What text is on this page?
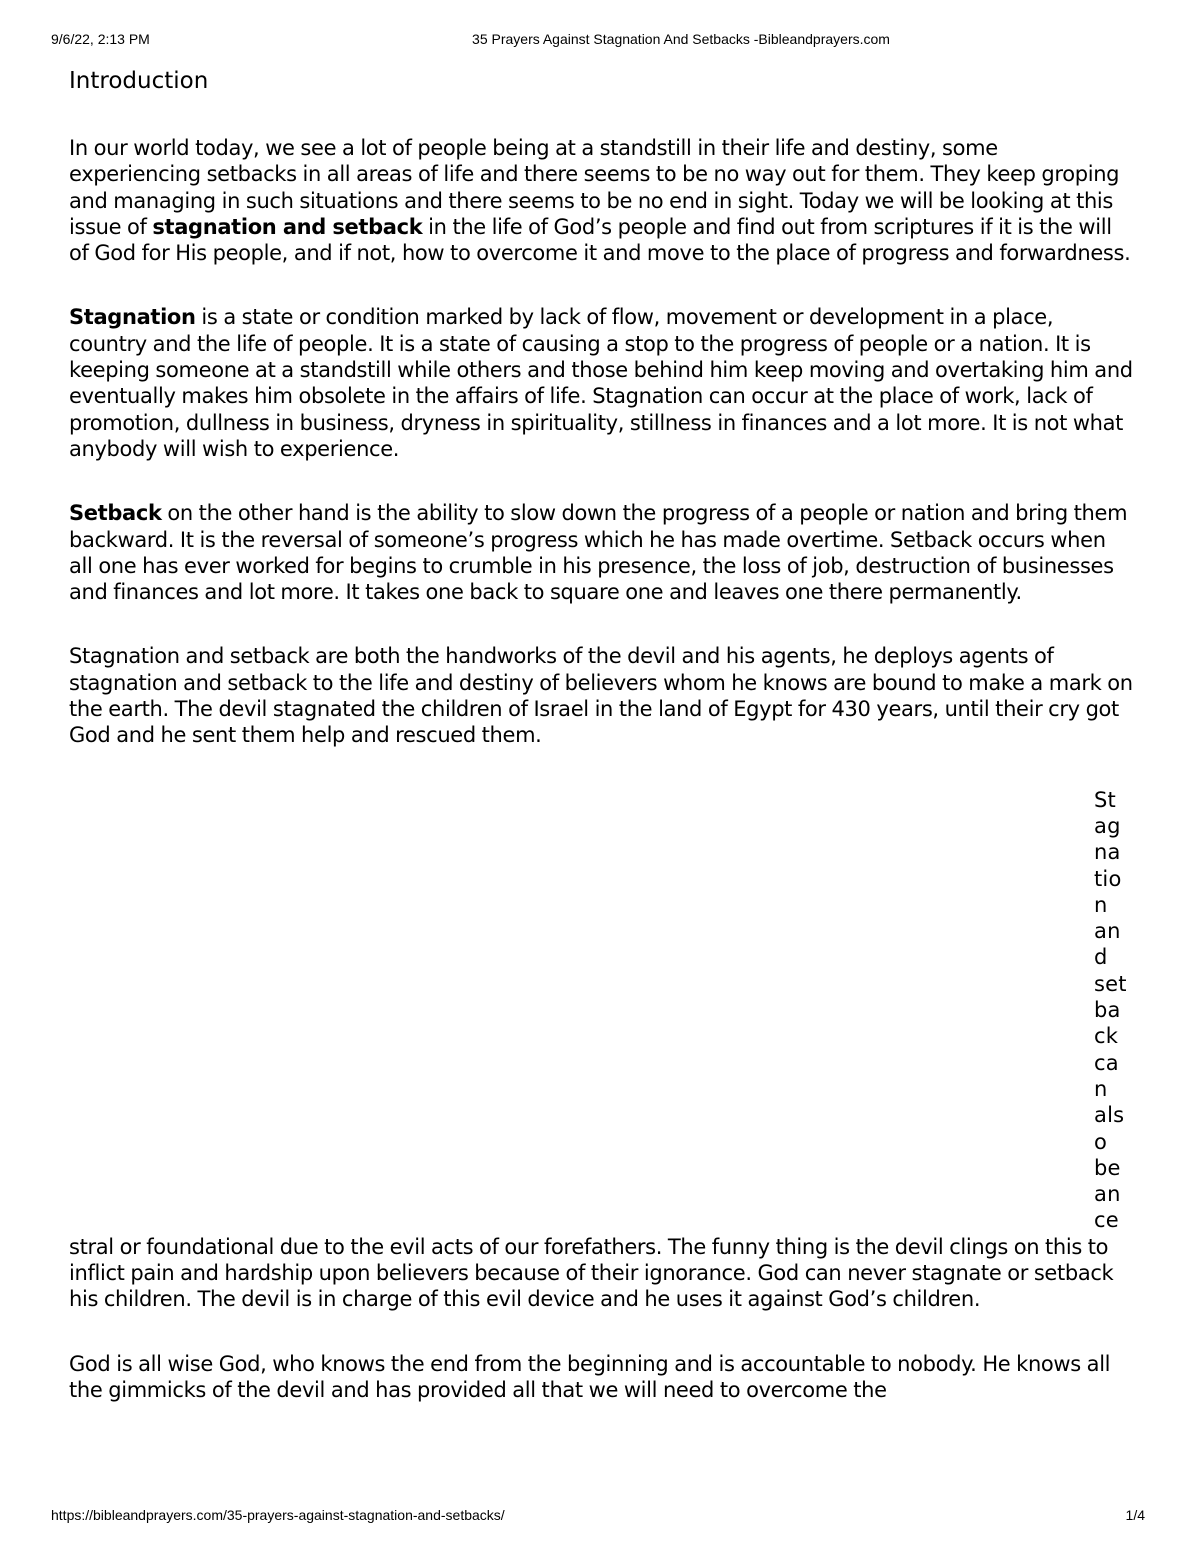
9/6/22, 2:13 PM	35 Prayers Against Stagnation And Setbacks -Bibleandprayers.com
Introduction

In our world today, we see a lot of people being at a standstill in their life and destiny, some experiencing setbacks in all areas of life and there seems to be no way out for them. They keep groping and managing in such situations and there seems to be no end in sight. Today we will be looking at this issue of stagnation and setback in the life of God’s people and find out from scriptures if it is the will of God for His people, and if not, how to overcome it and move to the place of progress and forwardness.

Stagnation is a state or condition marked by lack of flow, movement or development in a place, country and the life of people. It is a state of causing a stop to the progress of people or a nation. It is keeping someone at a standstill while others and those behind him keep moving and overtaking him and eventually makes him obsolete in the affairs of life. Stagnation can occur at the place of work, lack of promotion, dullness in business, dryness in spirituality, stillness in finances and a lot more. It is not what anybody will wish to experience.

Setback on the other hand is the ability to slow down the progress of a people or nation and bring them backward. It is the reversal of someone’s progress which he has made overtime. Setback occurs when all one has ever worked for begins to crumble in his presence, the loss of job, destruction of businesses and finances and lot more. It takes one back to square one and leaves one there permanently.

Stagnation and setback are both the handworks of the devil and his agents, he deploys agents of stagnation and setback to the life and destiny of believers whom he knows are bound to make a mark on the earth. The devil stagnated the children of Israel in the land of Egypt for 430 years, until their cry got God and he sent them help and rescued them.

St
ag
na
tio
n
an
d
set
ba
ck
ca
n
als
o
be
an
ce

stral or foundational due to the evil acts of our forefathers. The funny thing is the devil clings on this to inflict pain and hardship upon believers because of their ignorance. God can never stagnate or setback his children. The devil is in charge of this evil device and he uses it against God’s children.

God is all wise God, who knows the end from the beginning and is accountable to nobody. He knows all the gimmicks of the devil and has provided all that we will need to overcome the

https://bibleandprayers.com/35-prayers-against-stagnation-and-setbacks/	1/4
